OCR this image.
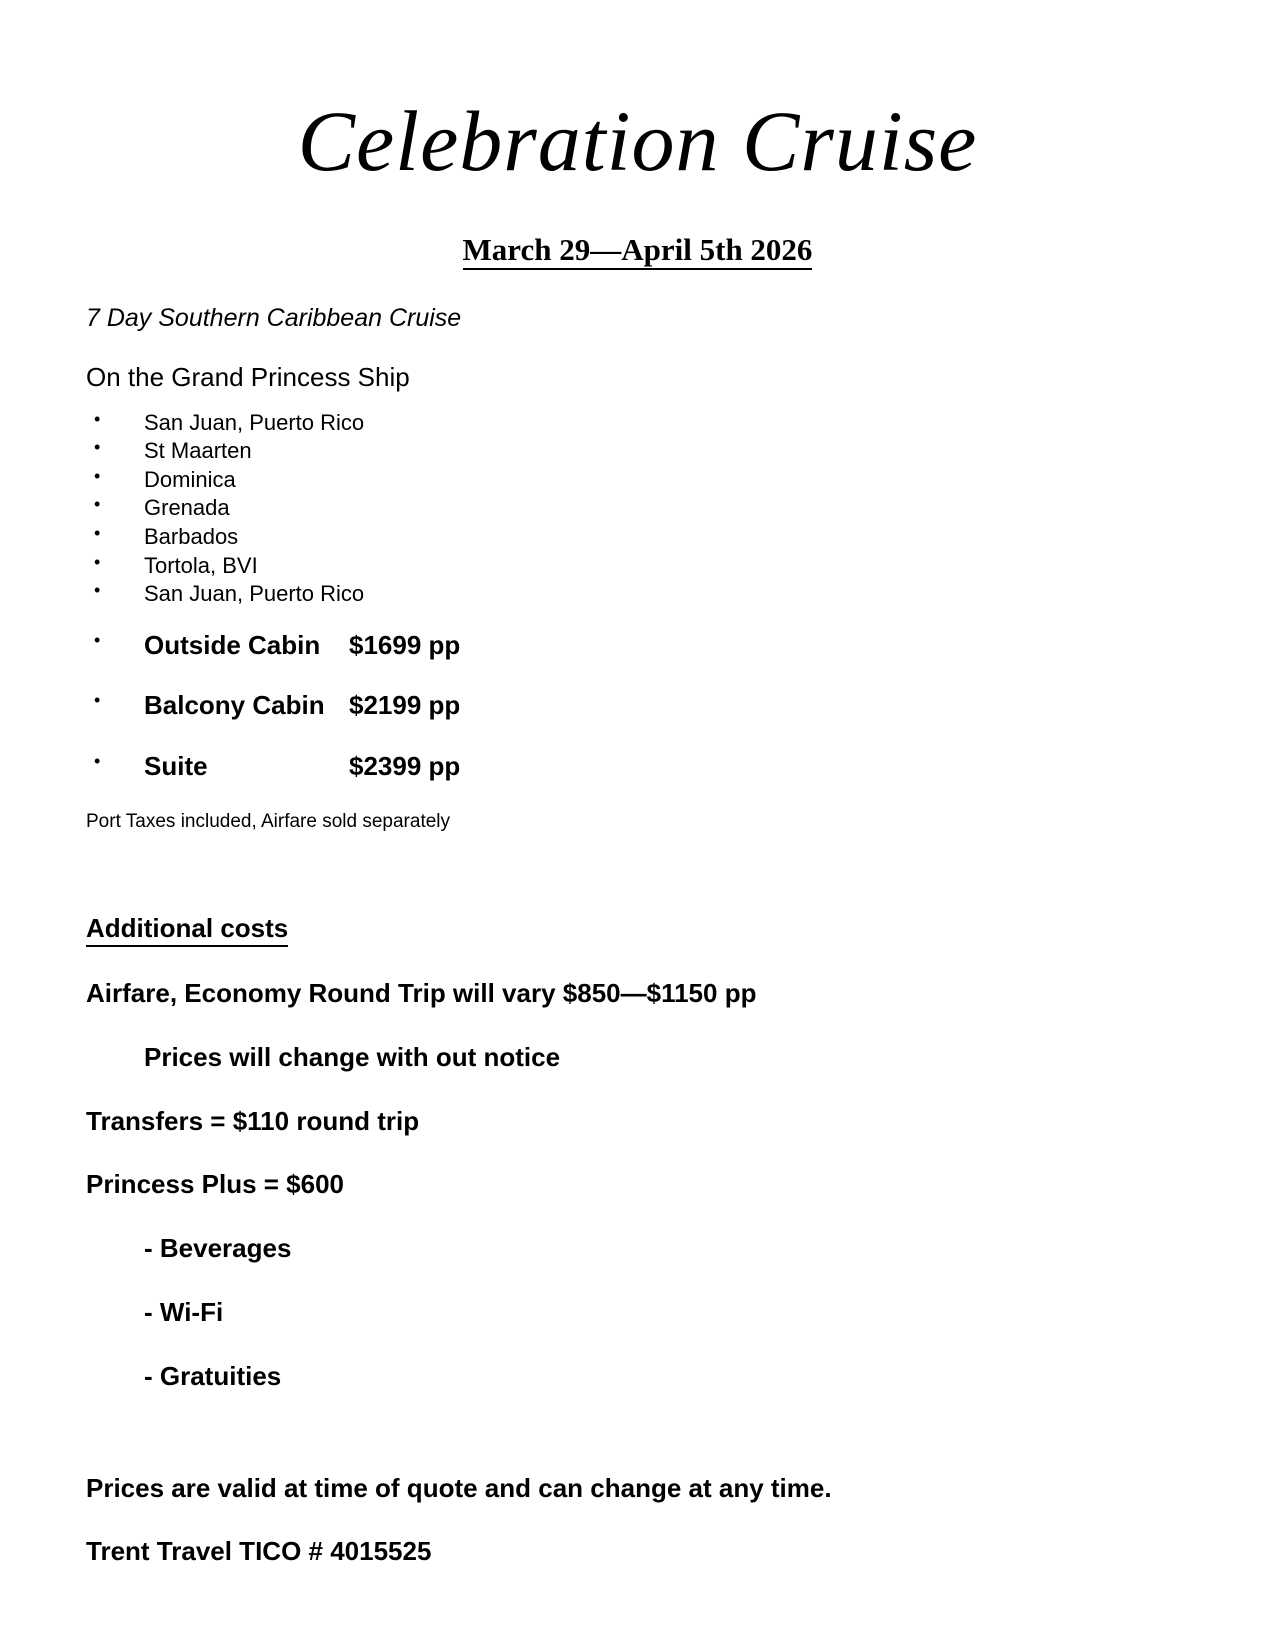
Celebration Cruise
March 29—April 5th 2026

7 Day Southern Caribbean Cruise

On the Grand Princess Ship

• San Juan, Puerto Rico
• St Maarten
• Dominica
• Grenada
• Barbados
• Tortola, BVI
• San Juan, Puerto Rico
• Outside Cabin $1699 pp
• Balcony Cabin $2199 pp
• Suite	$2399 pp

Port Taxes included, Airfare sold separately

Additional costs

Airfare, Economy Round Trip will vary $850—$1150 pp

Prices will change with out notice

Transfers = $110 round trip

Princess Plus = $600

- Beverages

- Wi-Fi

- Gratuities

Prices are valid at time of quote and can change at any time.

Trent Travel TICO # 4015525
